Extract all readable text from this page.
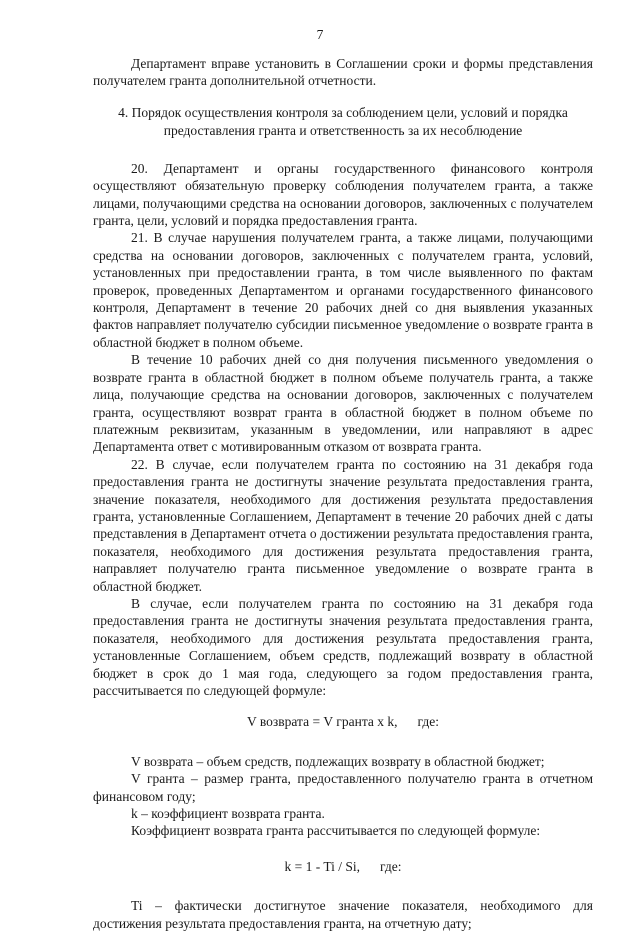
7

Департамент вправе установить в Соглашении сроки и формы представления получателем гранта дополнительной отчетности.

4. Порядок осуществления контроля за соблюдением цели, условий и порядка
предоставления гранта и ответственность за их несоблюдение

20. Департамент и органы государственного финансового контроля осуществляют обязательную проверку соблюдения получателем гранта, а также лицами, получающими средства на основании договоров, заключенных с получателем гранта, цели, условий и порядка предоставления гранта.

21. В случае нарушения получателем гранта, а также лицами, получающими средства на основании договоров, заключенных с получателем гранта, условий, установленных при предоставлении гранта, в том числе выявленного по фактам проверок, проведенных Департаментом и органами государственного финансового контроля, Департамент в течение 20 рабочих дней со дня выявления указанных фактов направляет получателю субсидии письменное уведомление о возврате гранта в областной бюджет в полном объеме.

В течение 10 рабочих дней со дня получения письменного уведомления о возврате гранта в областной бюджет в полном объеме получатель гранта, а также лица, получающие средства на основании договоров, заключенных с получателем гранта, осуществляют возврат гранта в областной бюджет в полном объеме по платежным реквизитам, указанным в уведомлении, или направляют в адрес Департамента ответ с мотивированным отказом от возврата гранта.

22. В случае, если получателем гранта по состоянию на 31 декабря года предоставления гранта не достигнуты значение результата предоставления гранта, значение показателя, необходимого для достижения результата предоставления гранта, установленные Соглашением, Департамент в течение 20 рабочих дней с даты представления в Департамент отчета о достижении результата предоставления гранта, показателя, необходимого для достижения результата предоставления гранта, направляет получателю гранта письменное уведомление о возврате гранта в областной бюджет.

В случае, если получателем гранта по состоянию на 31 декабря года предоставления гранта не достигнуты значения результата предоставления гранта, показателя, необходимого для достижения результата предоставления гранта, установленные Соглашением, объем средств, подлежащий возврату в областной бюджет в срок до 1 мая года, следующего за годом предоставления гранта, рассчитывается по следующей формуле:

V возврата = V гранта x k, где:

V возврата – объем средств, подлежащих возврату в областной бюджет;

V гранта – размер гранта, предоставленного получателю гранта в отчетном финансовом году;

k – коэффициент возврата гранта.

Коэффициент возврата гранта рассчитывается по следующей формуле:

k = 1 - Ti / Si, где:

Ti – фактически достигнутое значение показателя, необходимого для достижения результата предоставления гранта, на отчетную дату;
